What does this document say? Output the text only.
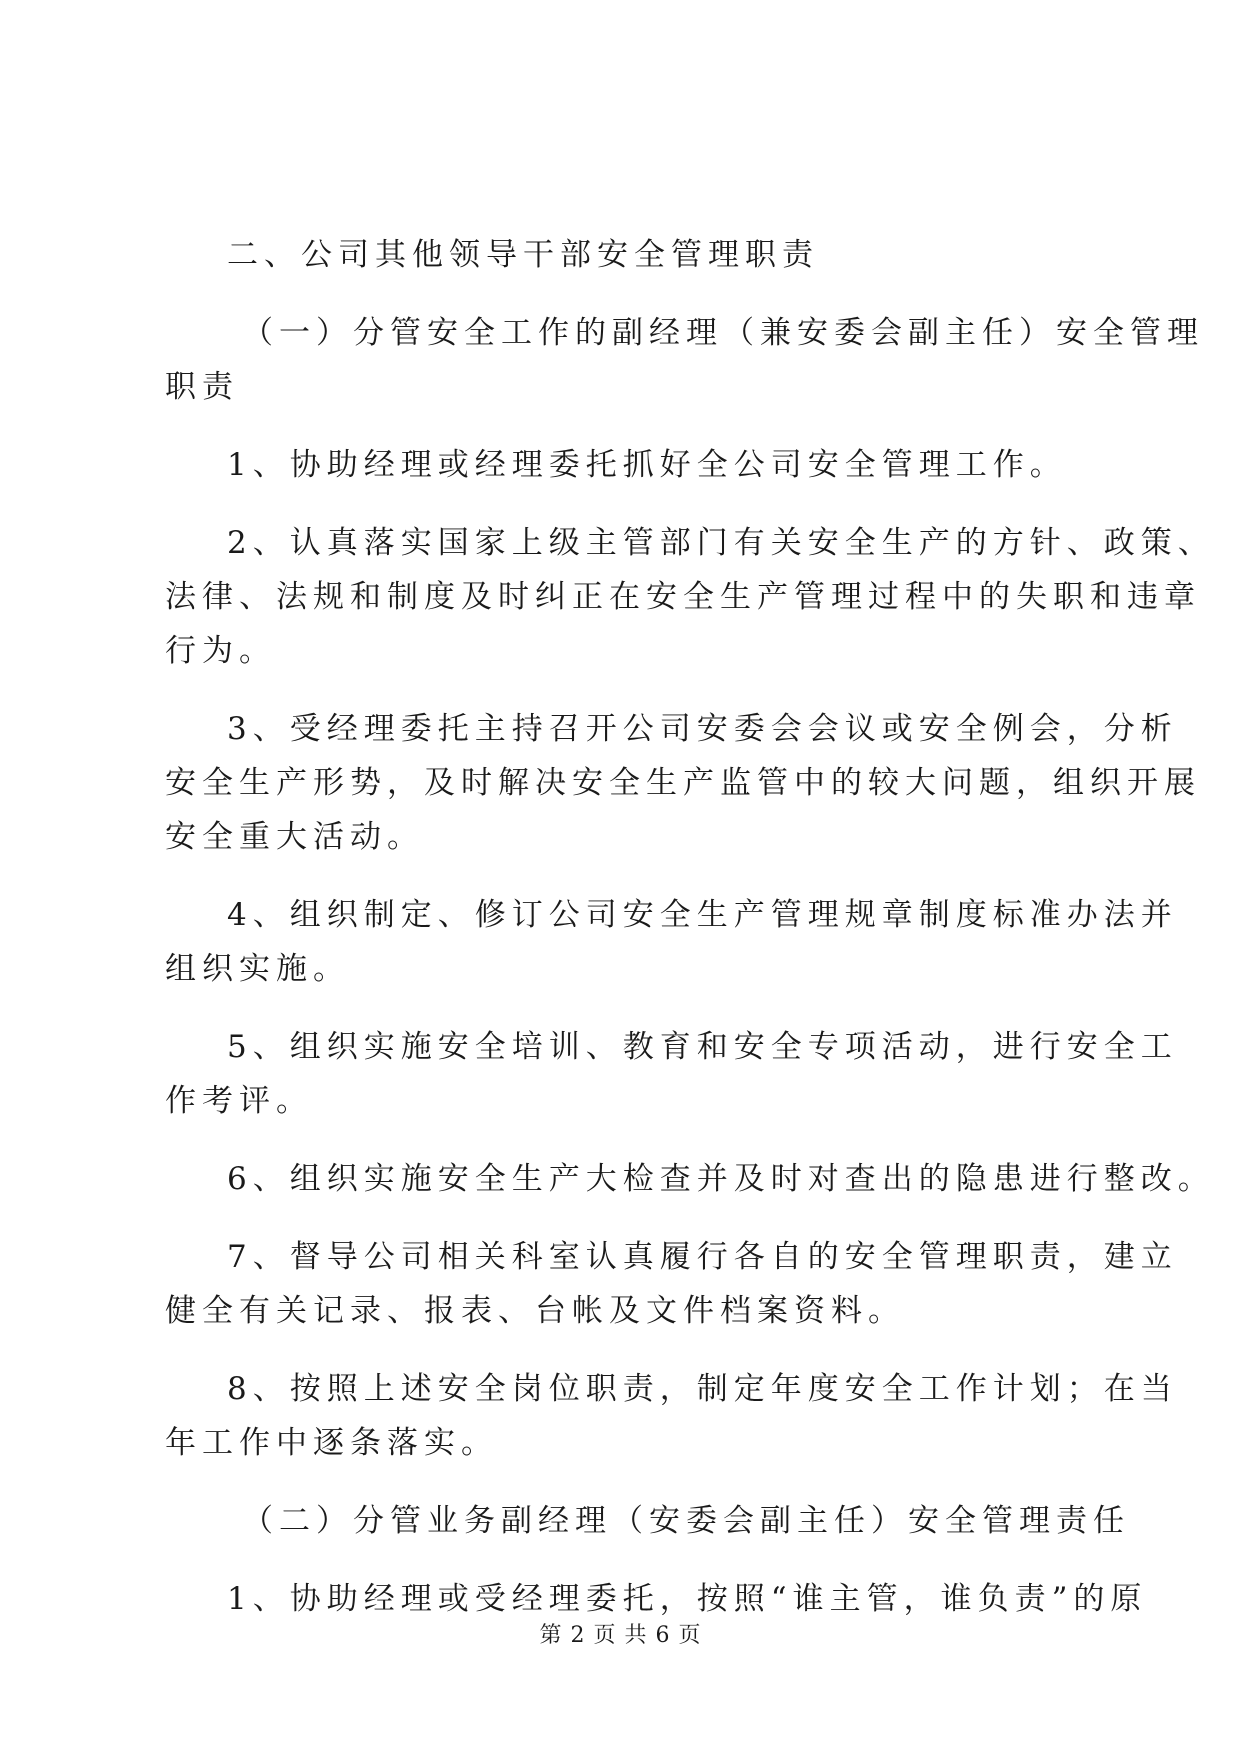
二、公司其他领导干部安全管理职责
（一）分管安全工作的副经理（兼安委会副主任）安全管理
职责
1、协助经理或经理委托抓好全公司安全管理工作。
2、认真落实国家上级主管部门有关安全生产的方针、政策、
法律、法规和制度及时纠正在安全生产管理过程中的失职和违章
行为。
3、受经理委托主持召开公司安委会会议或安全例会，分析
安全生产形势，及时解决安全生产监管中的较大问题，组织开展
安全重大活动。
4、组织制定、修订公司安全生产管理规章制度标准办法并
组织实施。
5、组织实施安全培训、教育和安全专项活动，进行安全工
作考评。
6、组织实施安全生产大检查并及时对查出的隐患进行整改。
7、督导公司相关科室认真履行各自的安全管理职责，建立
健全有关记录、报表、台帐及文件档案资料。
8、按照上述安全岗位职责，制定年度安全工作计划；在当
年工作中逐条落实。
（二）分管业务副经理（安委会副主任）安全管理责任
1、协助经理或受经理委托，按照“谁主管，谁负责”的原
第 2 页 共 6 页
